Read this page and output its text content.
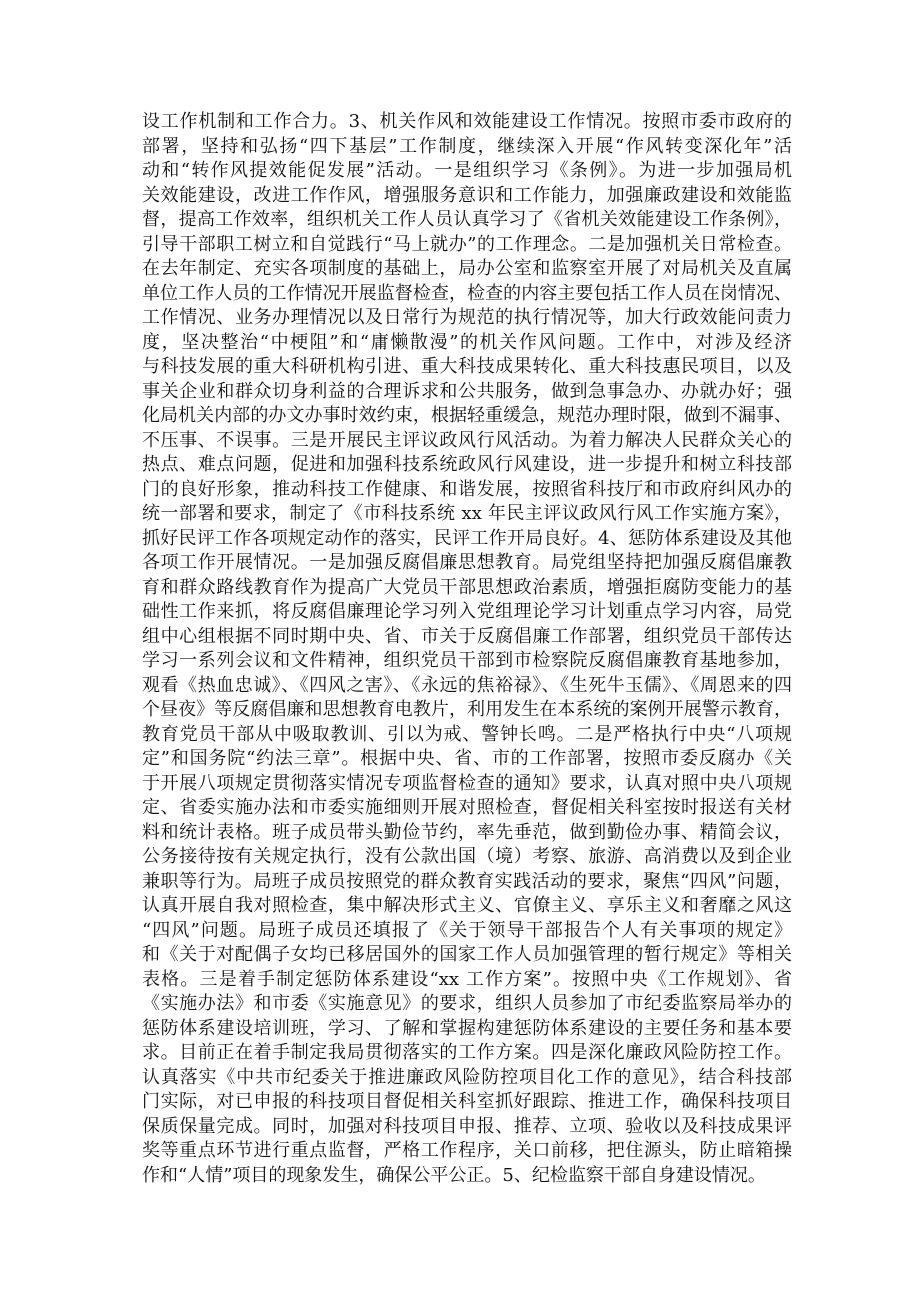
设工作机制和工作合力。3、机关作风和效能建设工作情况。按照市委市政府的
部署，坚持和弘扬“四下基层”工作制度，继续深入开展“作风转变深化年”活
动和“转作风提效能促发展”活动。一是组织学习《条例》。为进一步加强局机
关效能建设，改进工作作风，增强服务意识和工作能力，加强廉政建设和效能监
督，提高工作效率，组织机关工作人员认真学习了《省机关效能建设工作条例》，
引导干部职工树立和自觉践行“马上就办”的工作理念。二是加强机关日常检查。
在去年制定、充实各项制度的基础上，局办公室和监察室开展了对局机关及直属
单位工作人员的工作情况开展监督检查，检查的内容主要包括工作人员在岗情况、
工作情况、业务办理情况以及日常行为规范的执行情况等，加大行政效能问责力
度，坚决整治“中梗阻”和“庸懒散漫”的机关作风问题。工作中，对涉及经济
与科技发展的重大科研机构引进、重大科技成果转化、重大科技惠民项目，以及
事关企业和群众切身利益的合理诉求和公共服务，做到急事急办、办就办好；强
化局机关内部的办文办事时效约束，根据轻重缓急，规范办理时限，做到不漏事、
不压事、不误事。三是开展民主评议政风行风活动。为着力解决人民群众关心的
热点、难点问题，促进和加强科技系统政风行风建设，进一步提升和树立科技部
门的良好形象，推动科技工作健康、和谐发展，按照省科技厅和市政府纠风办的
统一部署和要求，制定了《市科技系统 xx 年民主评议政风行风工作实施方案》，
抓好民评工作各项规定动作的落实，民评工作开局良好。4、惩防体系建设及其他
各项工作开展情况。一是加强反腐倡廉思想教育。局党组坚持把加强反腐倡廉教
育和群众路线教育作为提高广大党员干部思想政治素质，增强拒腐防变能力的基
础性工作来抓，将反腐倡廉理论学习列入党组理论学习计划重点学习内容，局党
组中心组根据不同时期中央、省、市关于反腐倡廉工作部署，组织党员干部传达
学习一系列会议和文件精神，组织党员干部到市检察院反腐倡廉教育基地参加，
观看《热血忠诚》、《四风之害》、《永远的焦裕禄》、《生死牛玉儒》、《周恩来的四
个昼夜》等反腐倡廉和思想教育电教片，利用发生在本系统的案例开展警示教育，
教育党员干部从中吸取教训、引以为戒、警钟长鸣。二是严格执行中央“八项规
定”和国务院“约法三章”。根据中央、省、市的工作部署，按照市委反腐办《关
于开展八项规定贯彻落实情况专项监督检查的通知》要求，认真对照中央八项规
定、省委实施办法和市委实施细则开展对照检查，督促相关科室按时报送有关材
料和统计表格。班子成员带头勤俭节约，率先垂范，做到勤俭办事、精简会议，
公务接待按有关规定执行，没有公款出国（境）考察、旅游、高消费以及到企业
兼职等行为。局班子成员按照党的群众教育实践活动的要求，聚焦“四风”问题，
认真开展自我对照检查，集中解决形式主义、官僚主义、享乐主义和奢靡之风这
“四风”问题。局班子成员还填报了《关于领导干部报告个人有关事项的规定》
和《关于对配偶子女均已移居国外的国家工作人员加强管理的暂行规定》等相关
表格。三是着手制定惩防体系建设“xx 工作方案”。按照中央《工作规划》、省
《实施办法》和市委《实施意见》的要求，组织人员参加了市纪委监察局举办的
惩防体系建设培训班，学习、了解和掌握构建惩防体系建设的主要任务和基本要
求。目前正在着手制定我局贯彻落实的工作方案。四是深化廉政风险防控工作。
认真落实《中共市纪委关于推进廉政风险防控项目化工作的意见》，结合科技部
门实际，对已申报的科技项目督促相关科室抓好跟踪、推进工作，确保科技项目
保质保量完成。同时，加强对科技项目申报、推荐、立项、验收以及科技成果评
奖等重点环节进行重点监督，严格工作程序，关口前移，把住源头，防止暗箱操
作和“人情”项目的现象发生，确保公平公正。5、纪检监察干部自身建设情况。
